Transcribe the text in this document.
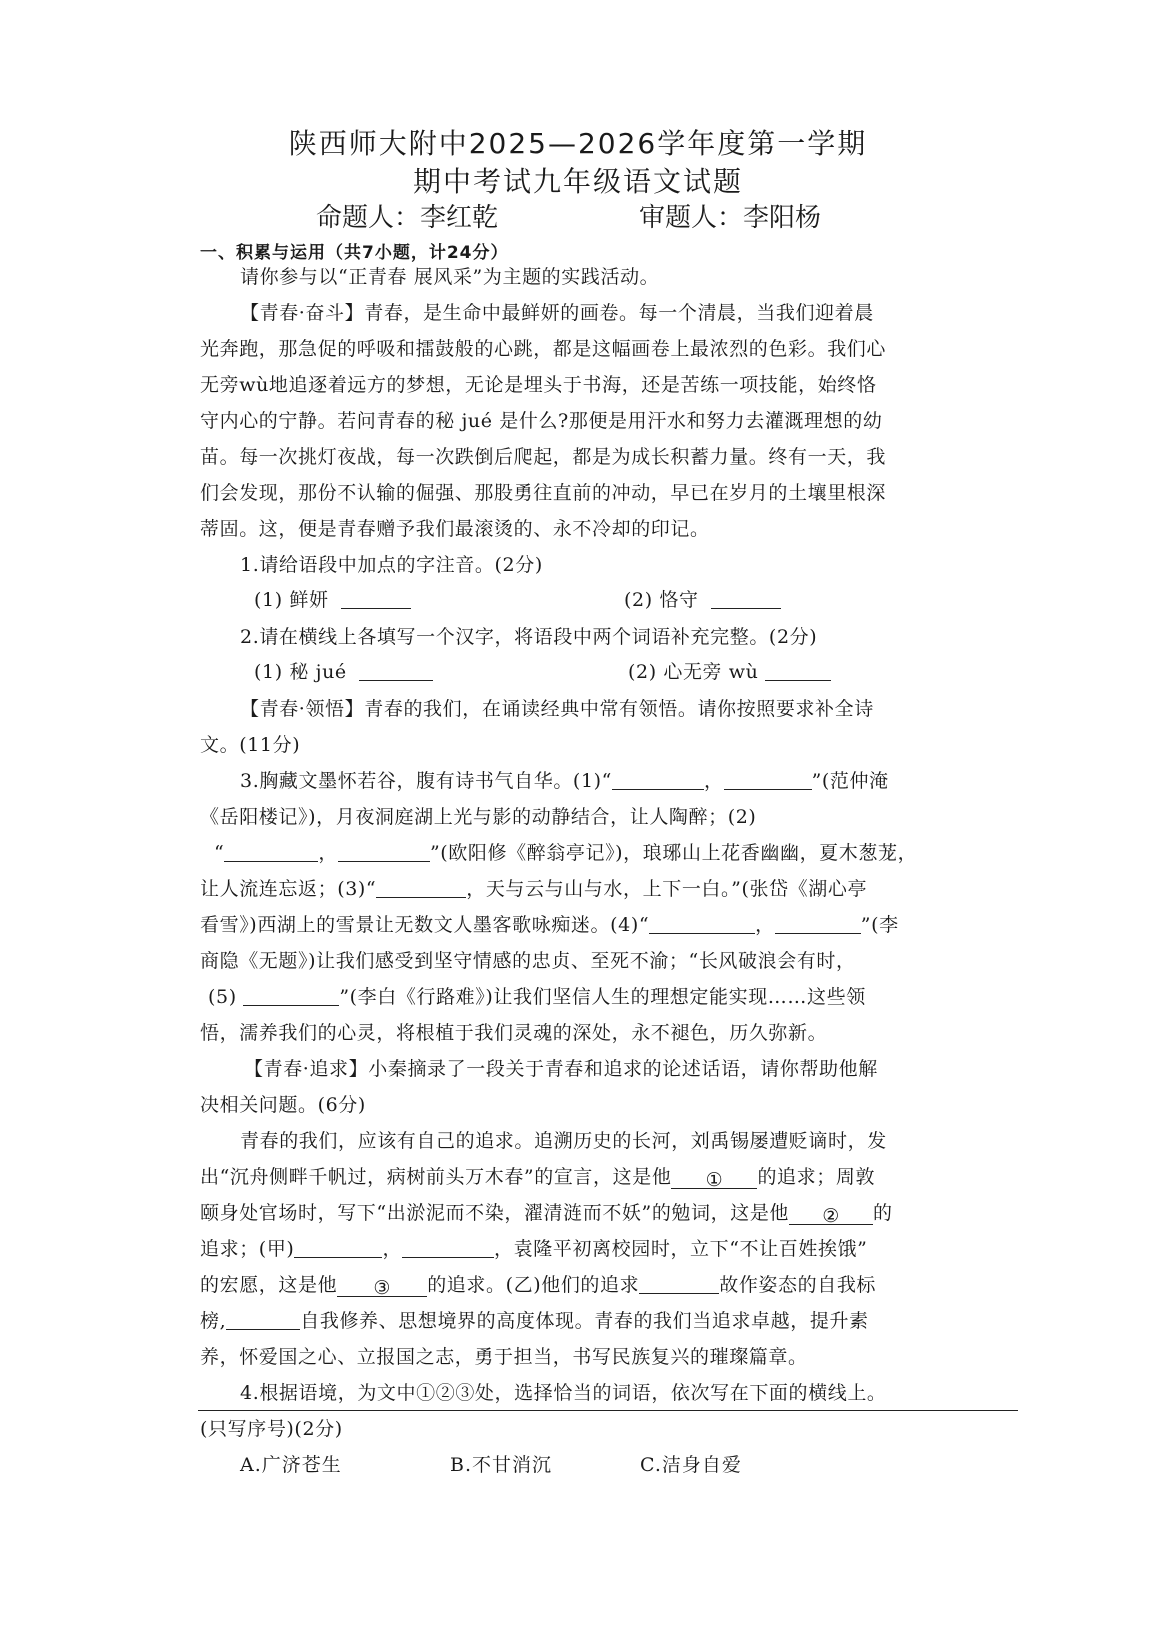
陕西师大附中2025—2026学年度第一学期
期中考试九年级语文试题
命题人：李红乾	审题人：李阳杨
一、积累与运用（共7小题，计24分）
请你参与以“正青春 展风采”为主题的实践活动。
【青春·奋斗】青春，是生命中最鲜妍的画卷。每一个清晨，当我们迎着晨
光奔跑，那急促的呼吸和擂鼓般的心跳，都是这幅画卷上最浓烈的色彩。我们心
无旁wù地追逐着远方的梦想，无论是埋头于书海，还是苦练一项技能，始终恪
守内心的宁静。若问青春的秘 jué 是什么?那便是用汗水和努力去灌溉理想的幼
苗。每一次挑灯夜战，每一次跌倒后爬起，都是为成长积蓄力量。终有一天，我
们会发现，那份不认输的倔强、那股勇往直前的冲动，早已在岁月的土壤里根深
蒂固。这，便是青春赠予我们最滚烫的、永不冷却的印记。
1.请给语段中加点的字注音。(2分)
(1) 鲜妍	(2) 恪守
2.请在横线上各填写一个汉字，将语段中两个词语补充完整。(2分)
(1) 秘 jué	(2) 心无旁 wù
【青春·领悟】青春的我们，在诵读经典中常有领悟。请你按照要求补全诗
文。(11分)
3.胸藏文墨怀若谷，腹有诗书气自华。(1)“	，	”(范仲淹
《岳阳楼记》)，月夜洞庭湖上光与影的动静结合，让人陶醉；(2)
“	，	”(欧阳修《醉翁亭记》)，琅琊山上花香幽幽，夏木葱茏，
让人流连忘返；(3)“	，天与云与山与水，上下一白。”(张岱《湖心亭
看雪》)西湖上的雪景让无数文人墨客歌咏痴迷。(4)“	，	”(李
商隐《无题》)让我们感受到坚守情感的忠贞、至死不渝；“长风破浪会有时，
(5)	”(李白《行路难》)让我们坚信人生的理想定能实现……这些领
悟，濡养我们的心灵，将根植于我们灵魂的深处，永不褪色，历久弥新。
【青春·追求】小秦摘录了一段关于青春和追求的论述话语，请你帮助他解
决相关问题。(6分)
青春的我们，应该有自己的追求。追溯历史的长河，刘禹锡屡遭贬谪时，发
出“沉舟侧畔千帆过，病树前头万木春”的宣言，这是他 ① 的追求；周敦
颐身处官场时，写下“出淤泥而不染，濯清涟而不妖”的勉词，这是他 ② 的
追求；(甲)	，	，袁隆平初离校园时，立下“不让百姓挨饿”
的宏愿，这是他 ③ 的追求。(乙)他们的追求	故作姿态的自我标
榜,	自我修养、思想境界的高度体现。青春的我们当追求卓越，提升素
养，怀爱国之心、立报国之志，勇于担当，书写民族复兴的璀璨篇章。
4.根据语境，为文中①②③处，选择恰当的词语，依次写在下面的横线上。
(只写序号)(2分)
A.广济苍生	B.不甘消沉	C.洁身自爱
